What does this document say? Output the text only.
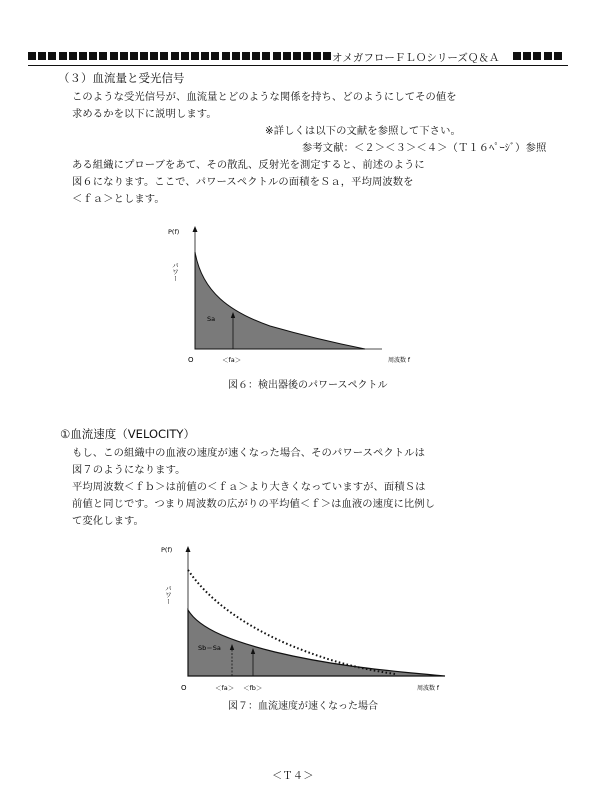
オメガフローＦＬＯシリーズＱ＆Ａ
（３）血流量と受光信号
このような受光信号が、血流量とどのような関係を持ち、どのようにしてその値を
求めるかを以下に説明します。
※詳しくは以下の文献を参照して下さい。
参考文献：＜２＞＜３＞＜４＞（Ｔ１６ﾍﾟｰｼﾞ）参照
ある組織にプローブをあて、その散乱、反射光を測定すると、前述のように
図６になります。ここで、パワースペクトルの面積をＳａ，平均周波数を
＜ｆａ＞とします。
P(f)
パワー
Sa
O	＜fa＞	周波数 f
図６：検出器後のパワースペクトル
①血流速度（VELOCITY）
もし、この組織中の血液の速度が速くなった場合、そのパワースペクトルは
図７のようになります。
平均周波数＜ｆｂ＞は前値の＜ｆａ＞より大きくなっていますが、面積Ｓは
前値と同じです。つまり周波数の広がりの平均値＜ｆ＞は血液の速度に比例し
て変化します。
P(f)
パワー
Sb＝Sa
O	＜fa＞ ＜fb＞	周波数 f
図７：血流速度が速くなった場合
＜Ｔ４＞
